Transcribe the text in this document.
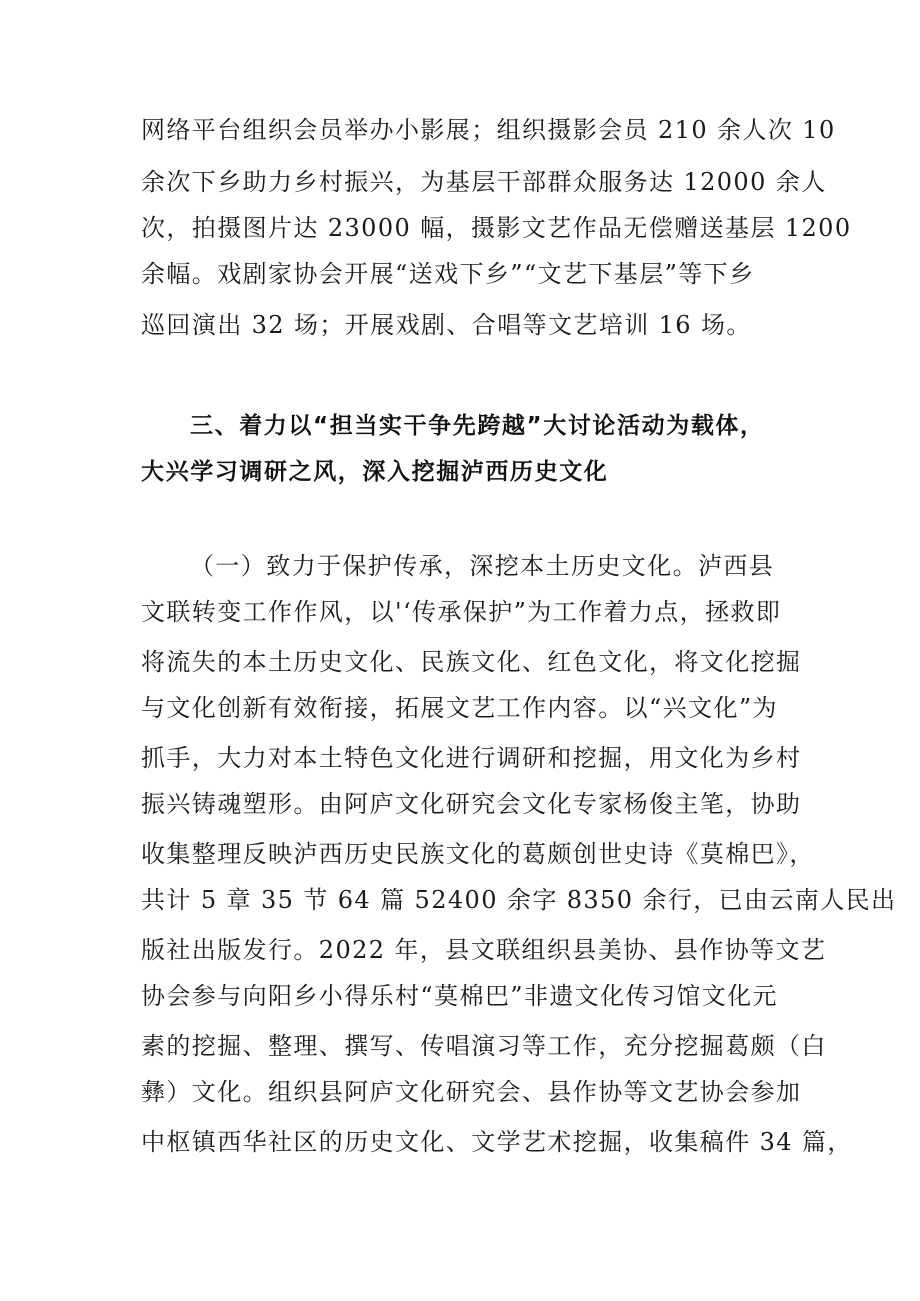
网络平台组织会员举办小影展；组织摄影会员 210 余人次 10
余次下乡助力乡村振兴，为基层干部群众服务达 12000 余人
次，拍摄图片达 23000 幅，摄影文艺作品无偿赠送基层 1200
余幅。戏剧家协会开展“送戏下乡”“文艺下基层”等下乡
巡回演出 32 场；开展戏剧、合唱等文艺培训 16 场。
三、着力以“担当实干争先跨越”大讨论活动为载体，
大兴学习调研之风，深入挖掘泸西历史文化
（一）致力于保护传承，深挖本土历史文化。泸西县
文联转变工作作风，以'‘传承保护”为工作着力点，拯救即
将流失的本土历史文化、民族文化、红色文化，将文化挖掘
与文化创新有效衔接，拓展文艺工作内容。以“兴文化”为
抓手，大力对本土特色文化进行调研和挖掘，用文化为乡村
振兴铸魂塑形。由阿庐文化研究会文化专家杨俊主笔，协助
收集整理反映泸西历史民族文化的葛颇创世史诗《莫棉巴》，
共计 5 章 35 节 64 篇 52400 余字 8350 余行，已由云南人民出
版社出版发行。2022 年，县文联组织县美协、县作协等文艺
协会参与向阳乡小得乐村“莫棉巴”非遗文化传习馆文化元
素的挖掘、整理、撰写、传唱演习等工作，充分挖掘葛颇（白
彝）文化。组织县阿庐文化研究会、县作协等文艺协会参加
中枢镇西华社区的历史文化、文学艺术挖掘，收集稿件 34 篇，
